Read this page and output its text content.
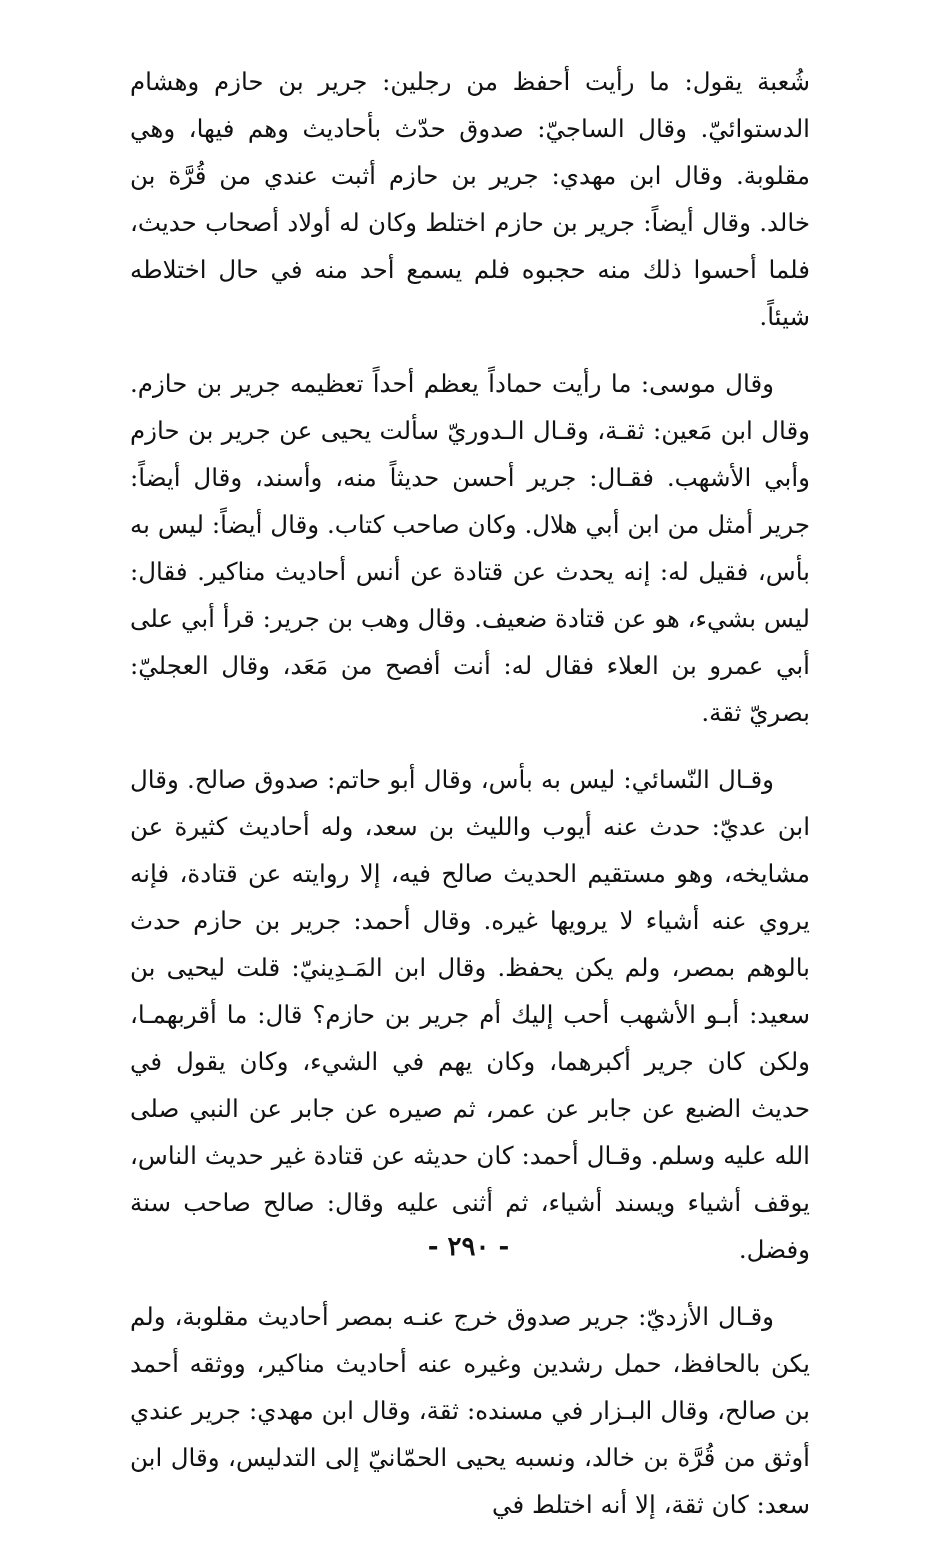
شُعبة يقول: ما رأيت أحفظ من رجلين: جرير بن حازم وهشام الدستوائيّ. وقال الساجيّ: صدوق حدّث بأحاديث وهم فيها، وهي مقلوبة. وقال ابن مهدي: جرير بن حازم أثبت عندي من قُرَّة بن خالد. وقال أيضاً: جرير بن حازم اختلط وكان له أولاد أصحاب حديث، فلما أحسوا ذلك منه حجبوه فلم يسمع أحد منه في حال اختلاطه شيئاً.

وقال موسى: ما رأيت حماداً يعظم أحداً تعظيمه جرير بن حازم. وقال ابن مَعين: ثقـة، وقـال الـدوريّ سألت يحيى عن جرير بن حازم وأبي الأشهب. فقـال: جرير أحسن حديثاً منه، وأسند، وقال أيضاً: جرير أمثل من ابن أبي هلال. وكان صاحب كتاب. وقال أيضاً: ليس به بأس، فقيل له: إنه يحدث عن قتادة عن أنس أحاديث مناكير. فقال: ليس بشيء، هو عن قتادة ضعيف. وقال وهب بن جرير: قرأ أبي على أبي عمرو بن العلاء فقال له: أنت أفصح من مَعَد، وقال العجليّ: بصريّ ثقة.

وقـال النّسائي: ليس به بأس، وقال أبو حاتم: صدوق صالح. وقال ابن عديّ: حدث عنه أيوب والليث بن سعد، وله أحاديث كثيرة عن مشايخه، وهو مستقيم الحديث صالح فيه، إلا روايته عن قتادة، فإنه يروي عنه أشياء لا يرويها غيره. وقال أحمد: جرير بن حازم حدث بالوهم بمصر، ولم يكن يحفظ. وقال ابن المَـدِينيّ: قلت ليحيى بن سعيد: أبـو الأشهب أحب إليك أم جرير بن حازم؟ قال: ما أقربهمـا، ولكن كان جرير أكبرهما، وكان يهم في الشيء، وكان يقول في حديث الضبع عن جابر عن عمر، ثم صيره عن جابر عن النبي صلى الله عليه وسلم. وقـال أحمد: كان حديثه عن قتادة غير حديث الناس، يوقف أشياء ويسند أشياء، ثم أثنى عليه وقال: صالح صاحب سنة وفضل.

وقـال الأزديّ: جرير صدوق خرج عنـه بمصر أحاديث مقلوبة، ولم يكن بالحافظ، حمل رشدين وغيره عنه أحاديث مناكير، ووثقه أحمد بن صالح، وقال البـزار في مسنده: ثقة، وقال ابن مهدي: جرير عندي أوثق من قُرَّة بن خالد، ونسبه يحيى الحمّانيّ إلى التدليس، وقال ابن سعد: كان ثقة، إلا أنه اختلط في

- ٢٩٠ -
